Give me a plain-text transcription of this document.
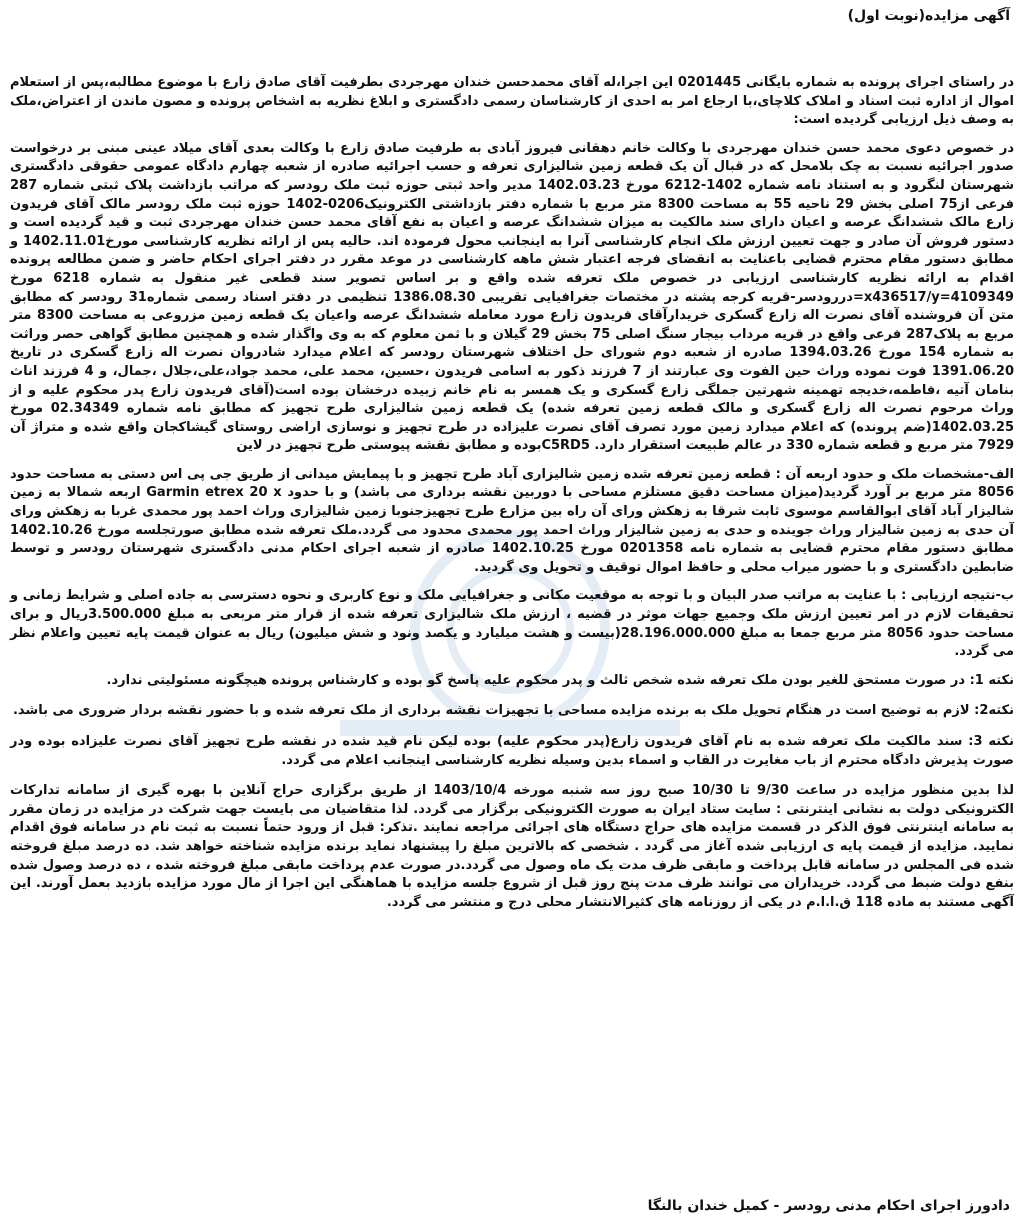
آگهی مزایده(نوبت اول)

در راستای اجرای پرونده به شماره بایگانی 0201445 این اجرا،له آقای محمدحسن خندان مهرجردی بطرفیت آقای صادق زارع با موضوع مطالبه،پس از استعلام اموال از اداره ثبت اسناد و املاک کلاچای،با ارجاع امر به احدی از کارشناسان رسمی دادگستری و ابلاغ نظریه به اشخاص پرونده و مصون ماندن از اعتراض،ملک به وصف ذیل ارزیابی گردیده است:

در خصوص دعوی محمد حسن خندان مهرجردی با وکالت خانم دهقانی فیروز آبادی به طرفیت صادق زارع با وکالت بعدی آقای میلاد عینی مبنی بر درخواست صدور اجرائیه نسبت به چک بلامحل که در قبال آن یک قطعه زمین شالیزاری تعرفه و حسب اجرائیه صادره از شعبه چهارم دادگاه عمومی حقوقی دادگستری شهرستان لنگرود و به استناد نامه شماره 1402-6212 مورخ 1402.03.23 مدیر واحد ثبتی حوزه ثبت ملک رودسر که مراتب بازداشت پلاک ثبتی شماره 287 فرعی از75 اصلی بخش 29 ناحیه 55 به مساحت 8300 متر مربع با شماره دفتر بازداشتی الکترونیک0206-1402 حوزه ثبت ملک رودسر مالک آقای فریدون زارع مالک ششدانگ عرصه و اعیان دارای سند مالکیت به میزان ششدانگ عرصه و اعیان به نفع آقای محمد حسن خندان مهرجردی ثبت و قید گردیده است و دستور فروش آن صادر و جهت تعیین ارزش ملک انجام کارشناسی آنرا به اینجانب محول فرمودہ اند. حالیه پس از ارائه نظریه کارشناسی مورخ1402.11.01 و مطابق دستور مقام محترم قضایی باعنایت به انقضای فرجه اعتبار شش ماهه کارشناسی در موعد مقرر در دفتر اجرای احکام حاضر و ضمن مطالعه پرونده اقدام به ارائه نظریه کارشناسی ارزیابی در خصوص ملک تعرفه شده واقع و بر اساس تصویر سند قطعی غیر منقول به شماره 6218 مورخ 4109349=x436517/y=دررودسر-قریه کرجه پشته در مختصات جغرافیایی تقریبی 1386.08.30 تنظیمی در دفتر اسناد رسمی شماره31 رودسر که مطابق متن آن فروشنده آقای نصرت اله زارع گسکری خریدارآقای فریدون زارع مورد معامله ششدانگ عرصه واعیان یک قطعه زمین مزروعی به مساحت 8300 متر مربع به پلاک287 فرعی واقع در قریه مرداب بیجار سنگ اصلی 75 بخش 29 گیلان و با ثمن معلوم که به وی واگذار شده و همچنین مطابق گواهی حصر وراثت به شماره 154 مورخ 1394.03.26 صادره از شعبه دوم شورای حل اختلاف شهرستان رودسر که اعلام میدارد شادروان نصرت اله زارع گسکری در تاریخ 1391.06.20 فوت نموده وراث حین الفوت وی عبارتند از 7 فرزند ذکور به اسامی فریدون ،حسین، محمد علی، محمد جواد،علی،جلال ،جمال، و 4 فرزند اناث بنامان آتیه ،فاطمه،خدیجه تهمینه شهرتین جملگی زارع گسکری و یک همسر به نام خانم زبیده درخشان بوده است(آقای فریدون زارع پدر محکوم علیه و از وراث مرحوم نصرت اله زارع گسکری و مالک قطعه زمین تعرفه شده) یک قطعه زمین شالیزاری طرح تجهیز که مطابق نامه شماره 02.34349 مورخ 1402.03.25(ضم پرونده) که اعلام میدارد زمین مورد تصرف آقای نصرت علیزاده در طرح تجهیز و نوسازی اراضی روستای گیشاکجان واقع شده و متراژ آن 7929 متر مربع و قطعه شماره 330 در عالم طبیعت استقرار دارد. C5RD5بوده و مطابق نقشه پیوستی طرح تجهیز در لاین

الف-مشخصات ملک و حدود اربعه آن : قطعه زمین تعرفه شده زمین شالیزاری آباد طرح تجهیز و با پیمایش میدانی از طریق جی پی اس دستی به مساحت حدود 8056 متر مربع بر آورد گردید(میزان مساحت دقیق مستلزم مساحی با دوربین نقشه برداری می باشد) و با حدود Garmin etrex 20 x اربعه شمالا به زمین شالیزار آباد آقای ابوالقاسم موسوی ثابت شرقا به زهکش ورای آن راه بین مزارع طرح تجهیزجنوبا زمین شالیزاری وراث احمد پور محمدی غربا به زهکش ورای آن حدی به زمین شالیزار وراث جوینده و حدی به زمین شالیزار وراث احمد پور محمدی محدود می گردد.ملک تعرفه شده مطابق صورتجلسه مورخ 1402.10.26 مطابق دستور مقام محترم قضایی به شماره نامه 0201358 مورخ 1402.10.25 صادره از شعبه اجرای احکام مدنی دادگستری شهرستان رودسر و توسط ضابطین دادگستری و با حضور میراب محلی و حافظ اموال توقیف و تحویل وی گردید.

ب-نتیجه ارزیابی : با عنایت به مراتب صدر البیان و با توجه به موقعیت مکانی و جغرافیایی ملک و نوع کاربری و نحوه دسترسی به جاده اصلی و شرایط زمانی و تحقیقات لازم در امر تعیین ارزش ملک وجمیع جهات موثر در قضیه ، ارزش ملک شالیزاری تعرفه شده از قرار متر مربعی به مبلغ 3.500.000ریال و برای مساحت حدود 8056 متر مربع جمعا به مبلغ 28.196.000.000(بیست و هشت میلیارد و یکصد ونود و شش میلیون) ریال به عنوان قیمت پایه تعیین واعلام نظر می گردد.

نکته 1: در صورت مستحق للغیر بودن ملک تعرفه شده شخص ثالث و پدر محکوم علیه پاسخ گو بوده و کارشناس پرونده هیچگونه مسئولیتی ندارد.

نکته2: لازم به توضیح است در هنگام تحویل ملک به برنده مزایده مساحی با تجهیزات نقشه برداری از ملک تعرفه شده و با حضور نقشه بردار ضروری می باشد.

نکته 3: سند مالکیت ملک تعرفه شده به نام آقای فریدون زارع(پدر محکوم علیه) بوده لیکن نام قید شده در نقشه طرح تجهیز آقای نصرت علیزاده بوده ودر صورت پذیرش دادگاه محترم از باب مغایرت در القاب و اسماء بدین وسیله نظریه کارشناسی اینجانب اعلام می گردد.

لذا بدین منظور مزایده در ساعت 9/30 تا 10/30 صبح روز سه شنبه مورخه 1403/10/4 از طریق برگزاری حراج آنلاین با بهره گیری از سامانه تدارکات الکترونیکی دولت به نشانی اینترنتی : سایت ستاد ایران به صورت الکترونیکی برگزار می گردد. لذا متقاضیان می بایست جهت شرکت در مزایده در زمان مقرر به سامانه اینترنتی فوق الذکر در قسمت مزایده های حراج دستگاه های اجرائی مراجعه نمایند .تذکر: قبل از ورود حتماً نسبت به ثبت نام در سامانه فوق اقدام نمایید. مزایده از قیمت پایه ی ارزیابی شده آغاز می گردد . شخصی که بالاترین مبلغ را پیشنهاد نماید برنده مزایده شناخته خواهد شد. ده درصد مبلغ فروخته شده فی المجلس در سامانه قابل پرداخت و مابقی ظرف مدت یک ماه وصول می گردد.در صورت عدم پرداخت مابقی مبلغ فروخته شده ، ده درصد وصول شده بنفع دولت ضبط می گردد. خریداران می توانند ظرف مدت پنج روز قبل از شروع جلسه مزایده با هماهنگی این اجرا از مال مورد مزایده بازدید بعمل آورند. این آگهی مستند به ماده 118 ق.ا.ا.م در یکی از روزنامه های کثیرالانتشار محلی درج و منتشر می گردد.

دادورز اجرای احکام مدنی رودسر - کمیل خندان بالنگا
